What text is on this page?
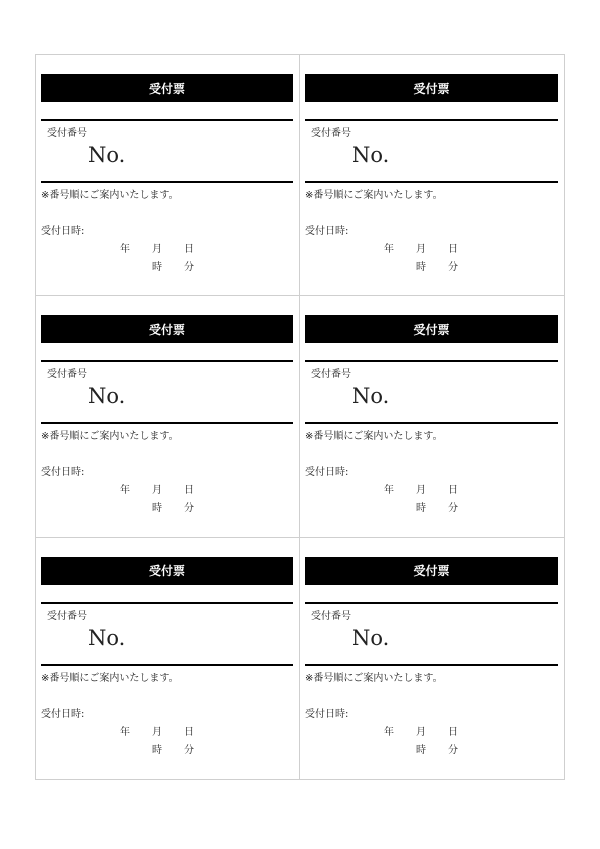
受付票
受付番号
No.
※番号順にご案内いたします。
受付日時:
年 月 日
時 分
受付票
受付番号
No.
※番号順にご案内いたします。
受付日時:
年 月 日
時 分
受付票
受付番号
No.
※番号順にご案内いたします。
受付日時:
年 月 日
時 分
受付票
受付番号
No.
※番号順にご案内いたします。
受付日時:
年 月 日
時 分
受付票
受付番号
No.
※番号順にご案内いたします。
受付日時:
年 月 日
時 分
受付票
受付番号
No.
※番号順にご案内いたします。
受付日時:
年 月 日
時 分
